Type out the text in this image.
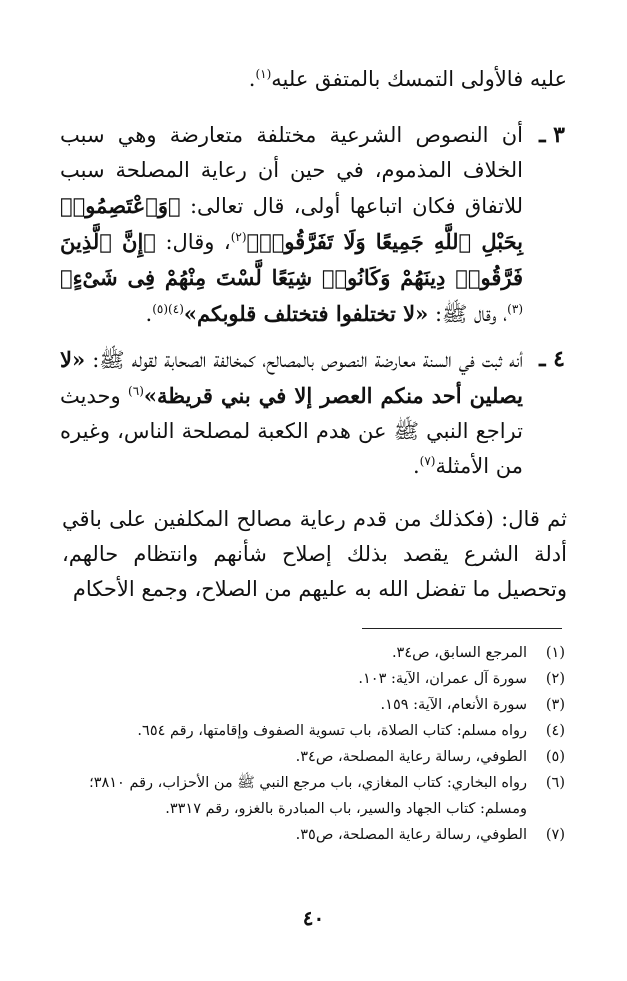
عليه فالأولى التمسك بالمتفق عليه$^{(١)}$.
٣ ـ
أن النصوص الشرعية مختلفة متعارضة وهي سبب الخلاف المذموم، في حين أن رعاية المصلحة سبب للاتفاق فكان اتباعها أولى، قال تعالى: ﴿وَٱعْتَصِمُوا۟ بِحَبْلِ ٱللَّهِ جَمِيعًا وَلَا تَفَرَّقُوا۟﴾$^{(٢)}$، وقال: ﴿إِنَّ ٱلَّذِينَ فَرَّقُوا۟ دِينَهُمْ وَكَانُوا۟ شِيَعًا لَّسْتَ مِنْهُمْ فِى شَىْءٍ﴾$^{(٣)}$، وقال ﷺ: «لا تختلفوا فتختلف قلوبكم»$^{(٤)(٥)}$.
٤ ـ
أنه ثبت في السنة معارضة النصوص بالمصالح، كمخالفة الصحابة لقوله ﷺ: «لا يصلين أحد منكم العصر إلا في بني قريظة»$^{(٦)}$ وحديث تراجع النبي ﷺ عن هدم الكعبة لمصلحة الناس، وغيره من الأمثلة$^{(٧)}$.
ثم قال: (فكذلك من قدم رعاية مصالح المكلفين على باقي أدلة الشرع يقصد بذلك إصلاح شأنهم وانتظام حالهم، وتحصيل ما تفضل الله به عليهم من الصلاح، وجمع الأحكام
(١)
المرجع السابق، ص٣٤.
(٢)
سورة آل عمران، الآية: ١٠٣.
(٣)
سورة الأنعام، الآية: ١٥٩.
(٤)
رواه مسلم: كتاب الصلاة، باب تسوية الصفوف وإقامتها، رقم ٦٥٤.
(٥)
الطوفي، رسالة رعاية المصلحة، ص٣٤.
(٦)
رواه البخاري: كتاب المغازي، باب مرجع النبي ﷺ من الأحزاب، رقم ٣٨١٠؛ ومسلم: كتاب الجهاد والسير، باب المبادرة بالغزو، رقم ٣٣١٧.
(٧)
الطوفي، رسالة رعاية المصلحة، ص٣٥.
٤٠
